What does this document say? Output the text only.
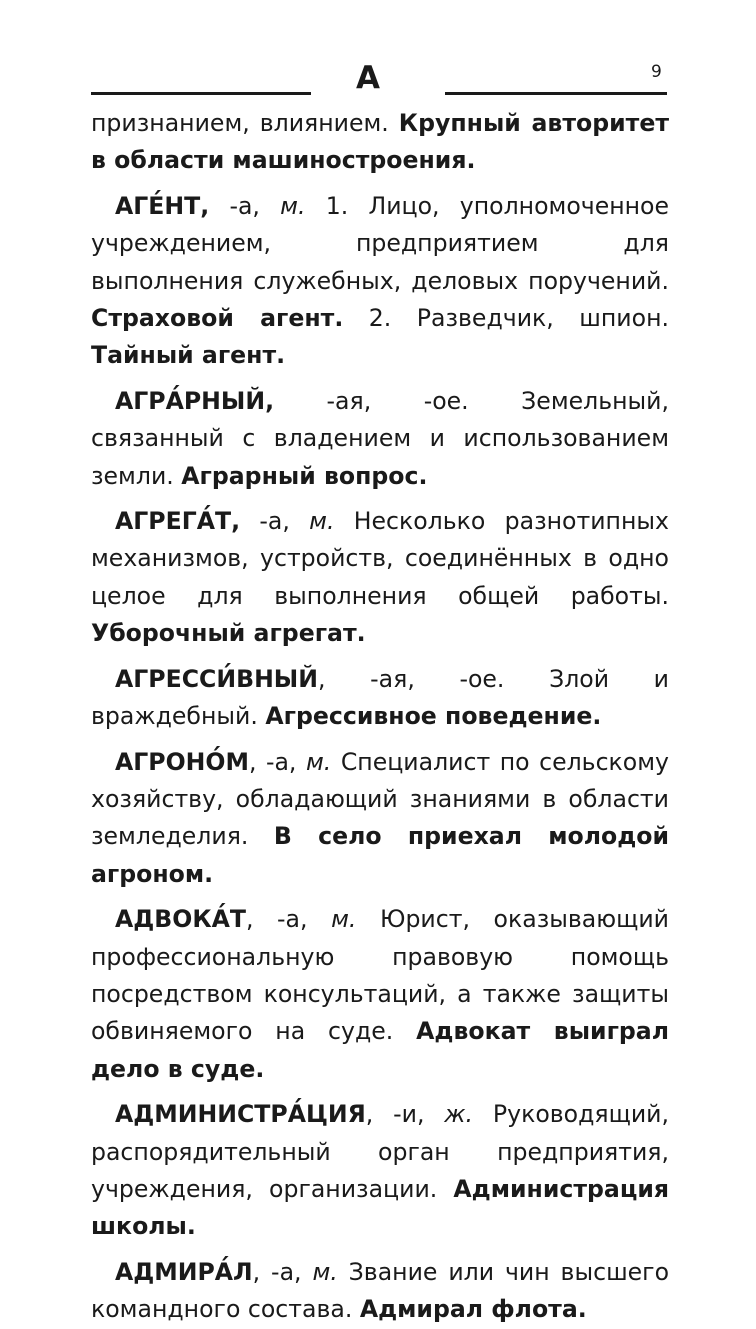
А	9

признанием, влиянием. Крупный авторитет в области машиностроения.

АГЕ́НТ, -а, м. 1. Лицо, уполномоченное учреждением, предприятием для выполнения служебных, деловых поручений. Страховой агент. 2. Разведчик, шпион. Тайный агент.

АГРА́РНЫЙ, -ая, -ое. Земельный, связанный с владением и использованием земли. Аграрный вопрос.

АГРЕГА́Т, -а, м. Несколько разнотипных механизмов, устройств, соединённых в одно целое для выполнения общей работы. Уборочный агрегат.

АГРЕССИ́ВНЫЙ, -ая, -ое. Злой и враждебный. Агрессивное поведение.

АГРОНО́М, -а, м. Специалист по сельскому хозяйству, обладающий знаниями в области земледелия. В село приехал молодой агроном.

АДВОКА́Т, -а, м. Юрист, оказывающий профессиональную правовую помощь посредством консультаций, а также защиты обвиняемого на суде. Адвокат выиграл дело в суде.

АДМИНИСТРА́ЦИЯ, -и, ж. Руководящий, распорядительный орган предприятия, учреждения, организации. Администрация школы.

АДМИРА́Л, -а, м. Звание или чин высшего командного состава. Адмирал флота.
